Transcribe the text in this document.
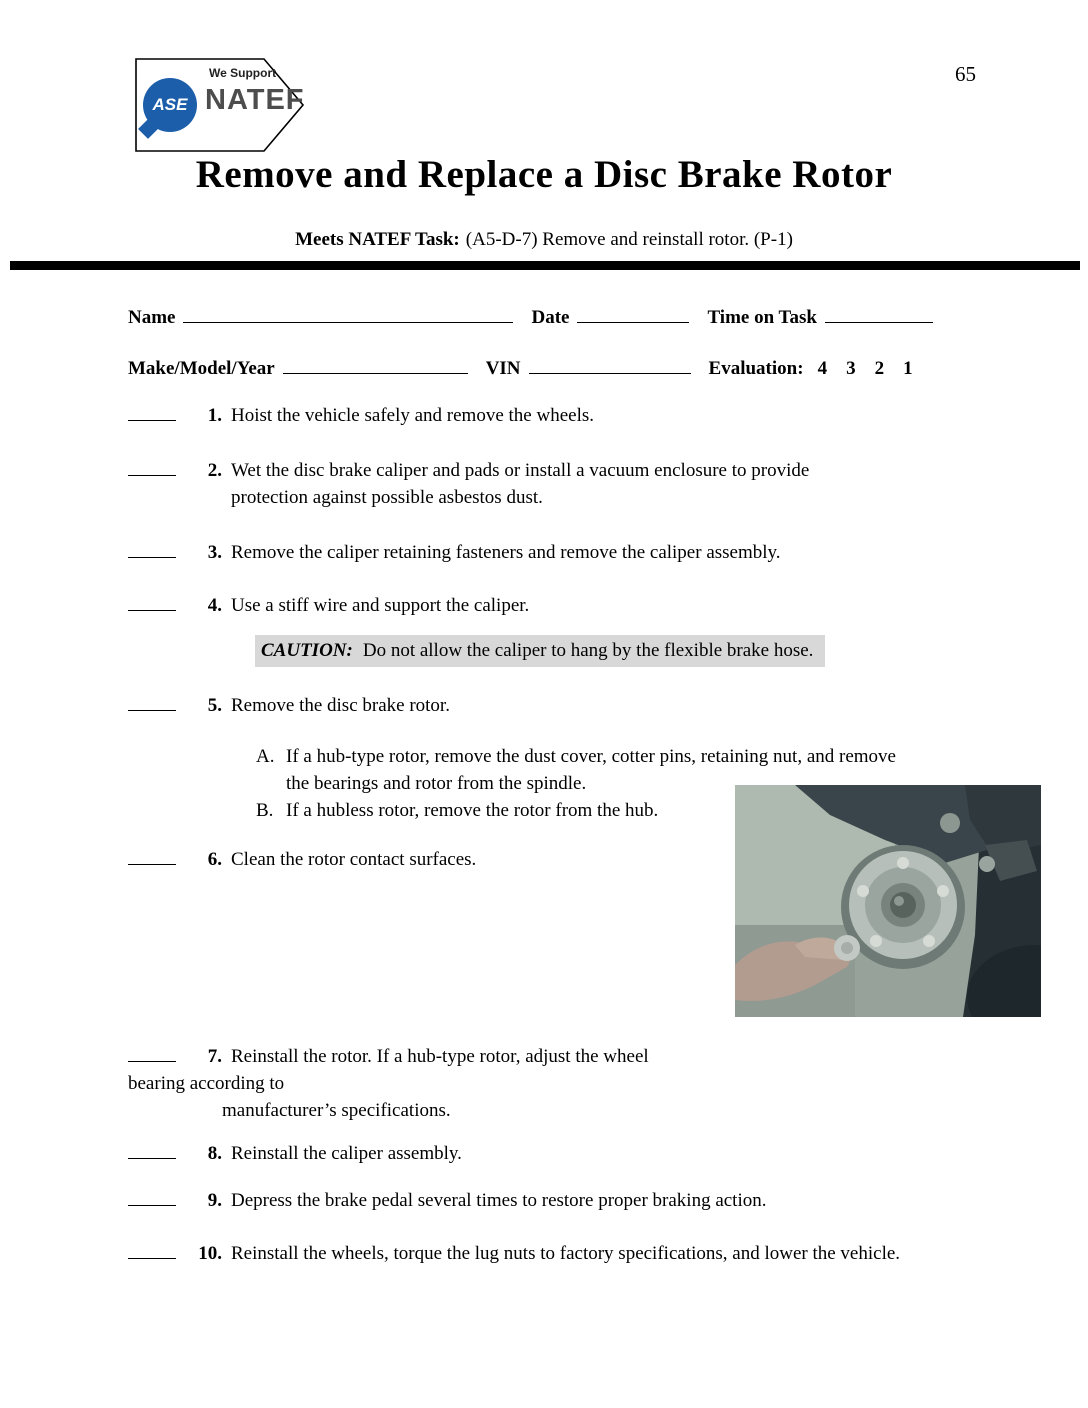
65
ASE
We Support
NATEF
Remove and Replace a Disc Brake Rotor
Meets NATEF Task: (A5-D-7) Remove and reinstall rotor. (P-1)
Name	Date	Time on Task
Make/Model/Year	VIN	Evaluation: 4    3    2    1
1. Hoist the vehicle safely and remove the wheels.
2. Wet the disc brake caliper and pads or install a vacuum enclosure to provide protection against possible asbestos dust.
3. Remove the caliper retaining fasteners and remove the caliper assembly.
4. Use a stiff wire and support the caliper.
CAUTION: Do not allow the caliper to hang by the flexible brake hose.
5. Remove the disc brake rotor.
A. If a hub-type rotor, remove the dust cover, cotter pins, retaining nut, and remove the bearings and rotor from the spindle.
B. If a hubless rotor, remove the rotor from the hub.
6. Clean the rotor contact surfaces.
7. Reinstall the rotor. If a hub-type rotor, adjust the wheel
bearing according to
manufacturer’s specifications.
8. Reinstall the caliper assembly.
9. Depress the brake pedal several times to restore proper braking action.
10. Reinstall the wheels, torque the lug nuts to factory specifications, and lower the vehicle.
